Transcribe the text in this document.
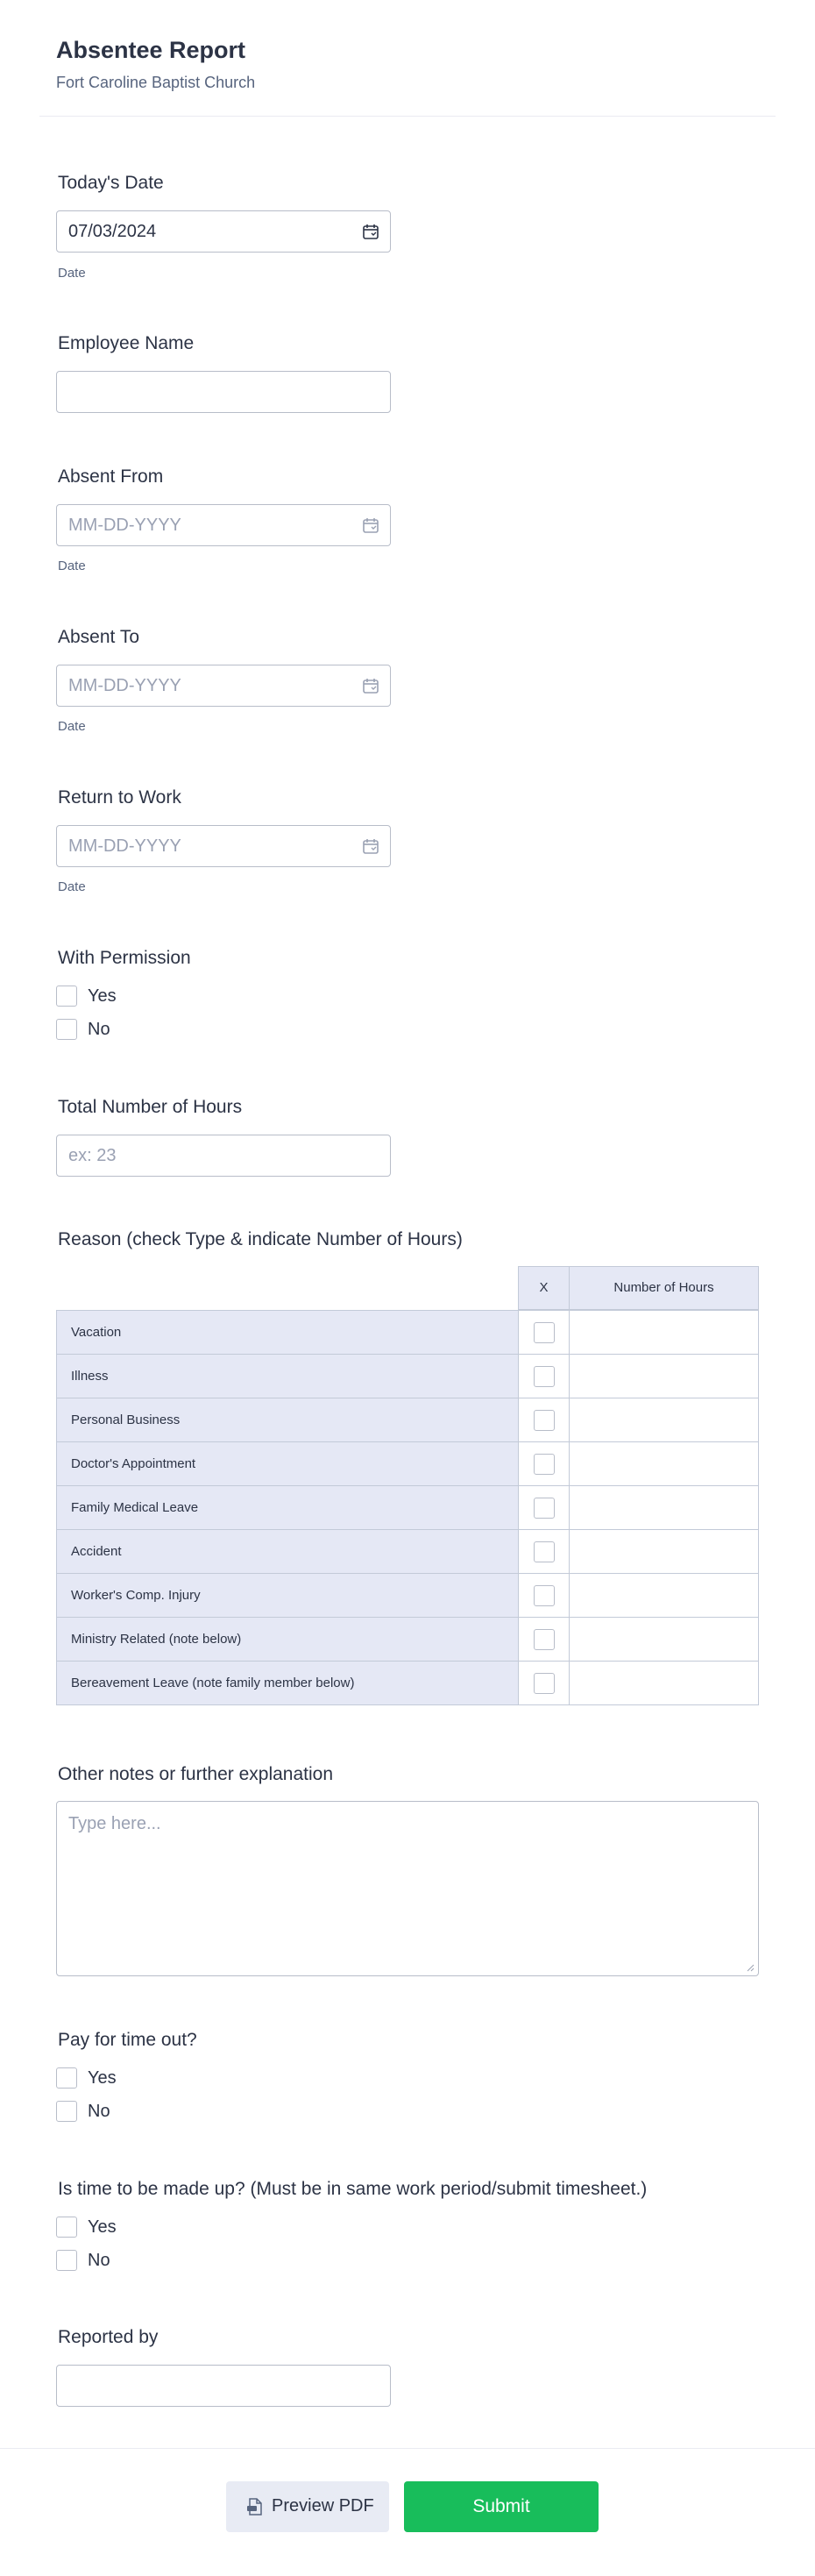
Absentee Report
Fort Caroline Baptist Church
Today's Date
07/03/2024
Date
Employee Name
Absent From
MM-DD-YYYY
Date
Absent To
MM-DD-YYYY
Date
Return to Work
MM-DD-YYYY
Date
With Permission
Yes
No
Total Number of Hours
ex: 23
Reason (check Type & indicate Number of Hours)
X	Number of Hours
Vacation
Illness
Personal Business
Doctor's Appointment
Family Medical Leave
Accident
Worker's Comp. Injury
Ministry Related (note below)
Bereavement Leave (note family member below)
Other notes or further explanation
Type here...
Pay for time out?
Yes
No
Is time to be made up? (Must be in same work period/submit timesheet.)
Yes
No
Reported by
Preview PDF	Submit
